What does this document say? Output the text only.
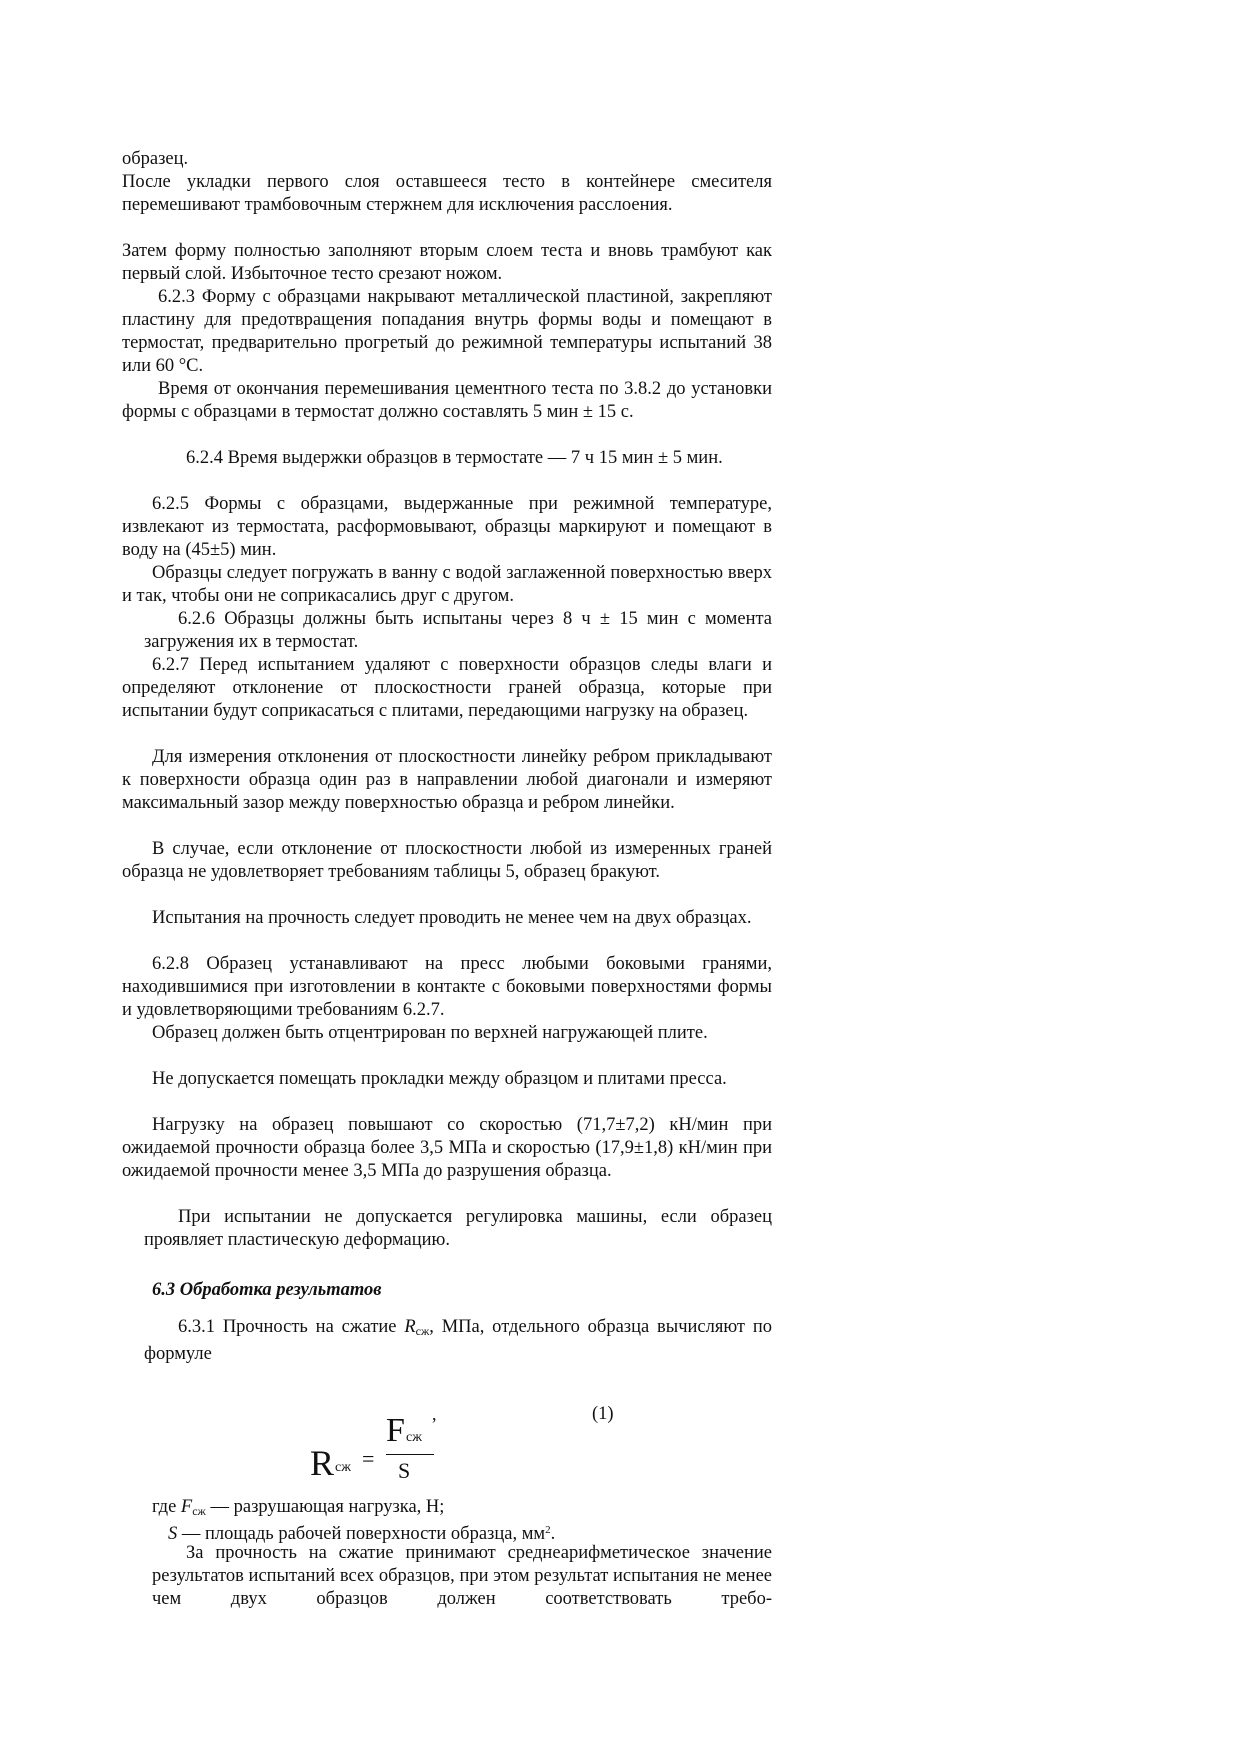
образец.
После укладки первого слоя оставшееся тесто в контейнере смесителя перемешивают трамбовочным стержнем для исключения расслоения.
Затем форму полностью заполняют вторым слоем теста и вновь трамбуют как первый слой. Избыточное тесто срезают ножом.
6.2.3 Форму с образцами накрывают металлической пластиной, закрепляют пластину для предотвращения попадания внутрь формы воды и помещают в термостат, предварительно прогретый до режимной температуры испытаний 38 или 60 °С.
Время от окончания перемешивания цементного теста по 3.8.2 до установки формы с образцами в термостат должно составлять 5 мин ± 15 с.
6.2.4 Время выдержки образцов в термостате — 7 ч 15 мин ± 5 мин.
6.2.5 Формы с образцами, выдержанные при режимной температуре, извлекают из термостата, расформовывают, образцы маркируют и помещают в воду на (45±5) мин.
Образцы следует погружать в ванну с водой заглаженной поверхностью вверх и так, чтобы они не соприкасались друг с другом.
6.2.6 Образцы должны быть испытаны через 8 ч ± 15 мин с момента загружения их в термостат.
6.2.7 Перед испытанием удаляют с поверхности образцов следы влаги и определяют отклонение от плоскостности граней образца, которые при испытании будут соприкасаться с плитами, передающими нагрузку на образец.
Для измерения отклонения от плоскостности линейку ребром прикладывают к поверхности образца один раз в направлении любой диагонали и измеряют максимальный зазор между поверхностью образца и ребром линейки.
В случае, если отклонение от плоскостности любой из измеренных граней образца не удовлетворяет требованиям таблицы 5, образец бракуют.
Испытания на прочность следует проводить не менее чем на двух образцах.
6.2.8 Образец устанавливают на пресс любыми боковыми гранями, находившимися при изготовлении в контакте с боковыми поверхностями формы и удовлетворяющими требованиям 6.2.7.
Образец должен быть отцентрирован по верхней нагружающей плите.
Не допускается помещать прокладки между образцом и плитами пресса.
Нагрузку на образец повышают со скоростью (71,7±7,2) кН/мин при ожидаемой прочности образца более 3,5 МПа и скоростью (17,9±1,8) кН/мин при ожидаемой прочности менее 3,5 МПа до разрушения образца.
При испытании не допускается регулировка машины, если образец проявляет пластическую деформацию.
6.3 Обработка результатов
6.3.1 Прочность на сжатие $R_{сж}$, МПа, отдельного образца вычисляют по формуле
,	(1)
R сж =
F сж
S
где $F_{сж}$ — разрушающая нагрузка, Н;
S — площадь рабочей поверхности образца, $мм^2$.
За прочность на сжатие принимают среднеарифметическое значение результатов испытаний всех образцов, при этом результат испытания не менее чем двух образцов должен соответствовать требо-
